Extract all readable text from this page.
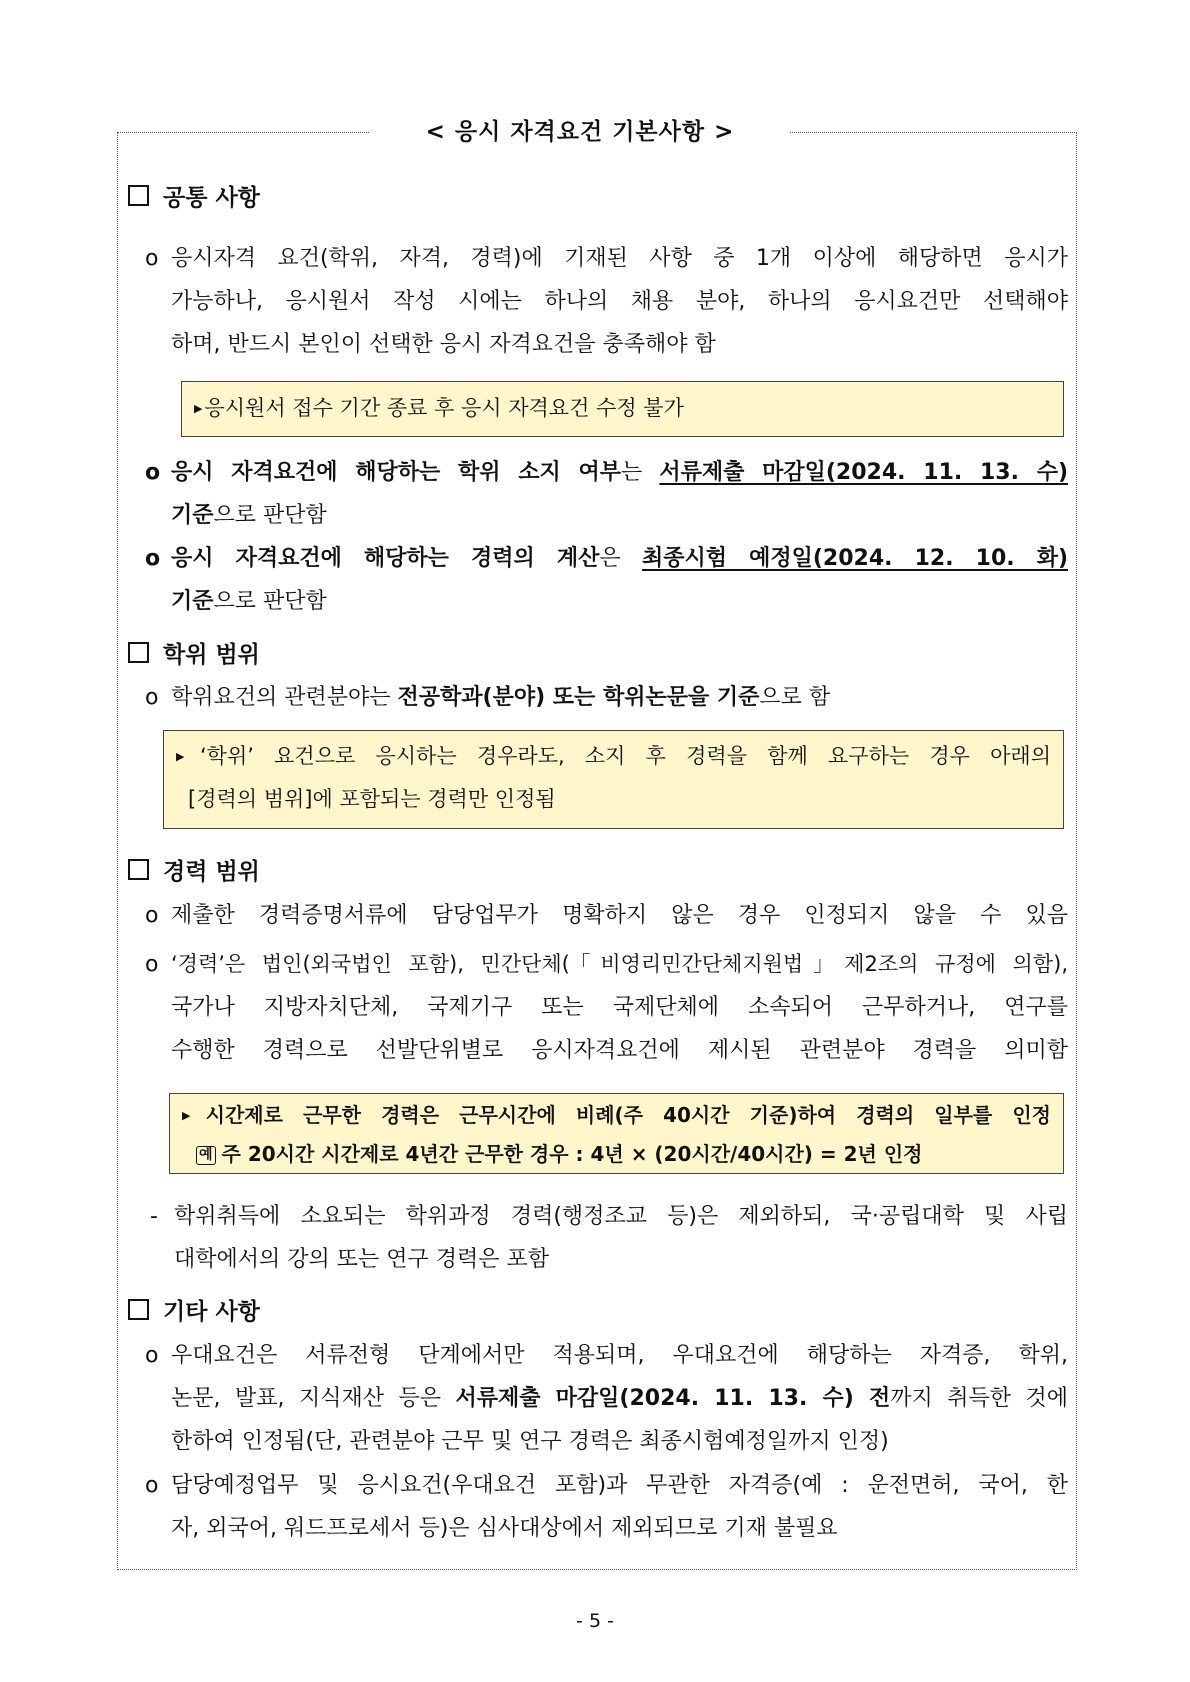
< 응시 자격요건 기본사항 >
공통 사항
ο 응시자격 요건(학위, 자격, 경력)에 기재된 사항 중 1개 이상에 해당하면 응시가
가능하나, 응시원서 작성 시에는 하나의 채용 분야, 하나의 응시요건만 선택해야
하며, 반드시 본인이 선택한 응시 자격요건을 충족해야 함
▶응시원서 접수 기간 종료 후 응시 자격요건 수정 불가
ο 응시 자격요건에 해당하는 학위 소지 여부는 서류제출 마감일(2024. 11. 13. 수)
기준으로 판단함
ο 응시 자격요건에 해당하는 경력의 계산은 최종시험 예정일(2024. 12. 10. 화)
기준으로 판단함
학위 범위
ο 학위요건의 관련분야는 전공학과(분야) 또는 학위논문을 기준으로 함
▶‘학위’ 요건으로 응시하는 경우라도, 소지 후 경력을 함께 요구하는 경우 아래의
[경력의 범위]에 포함되는 경력만 인정됨
경력 범위
ο 제출한 경력증명서류에 담당업무가 명확하지 않은 경우 인정되지 않을 수 있음
ο ‘경력’은 법인(외국법인 포함), 민간단체(「비영리민간단체지원법」제2조의 규정에 의함),
국가나 지방자치단체, 국제기구 또는 국제단체에 소속되어 근무하거나, 연구를
수행한 경력으로 선발단위별로 응시자격요건에 제시된 관련분야 경력을 의미함
▶ 시간제로 근무한 경력은 근무시간에 비례(주 40시간 기준)하여 경력의 일부를 인정
예 주 20시간 시간제로 4년간 근무한 경우 : 4년 × (20시간/40시간) = 2년 인정
- 학위취득에 소요되는 학위과정 경력(행정조교 등)은 제외하되, 국·공립대학 및 사립
대학에서의 강의 또는 연구 경력은 포함
기타 사항
ο 우대요건은 서류전형 단계에서만 적용되며, 우대요건에 해당하는 자격증, 학위,
논문, 발표, 지식재산 등은 서류제출 마감일(2024. 11. 13. 수) 전까지 취득한 것에
한하여 인정됨(단, 관련분야 근무 및 연구 경력은 최종시험예정일까지 인정)
ο 담당예정업무 및 응시요건(우대요건 포함)과 무관한 자격증(예 : 운전면허, 국어, 한
자, 외국어, 워드프로세서 등)은 심사대상에서 제외되므로 기재 불필요
- 5 -
